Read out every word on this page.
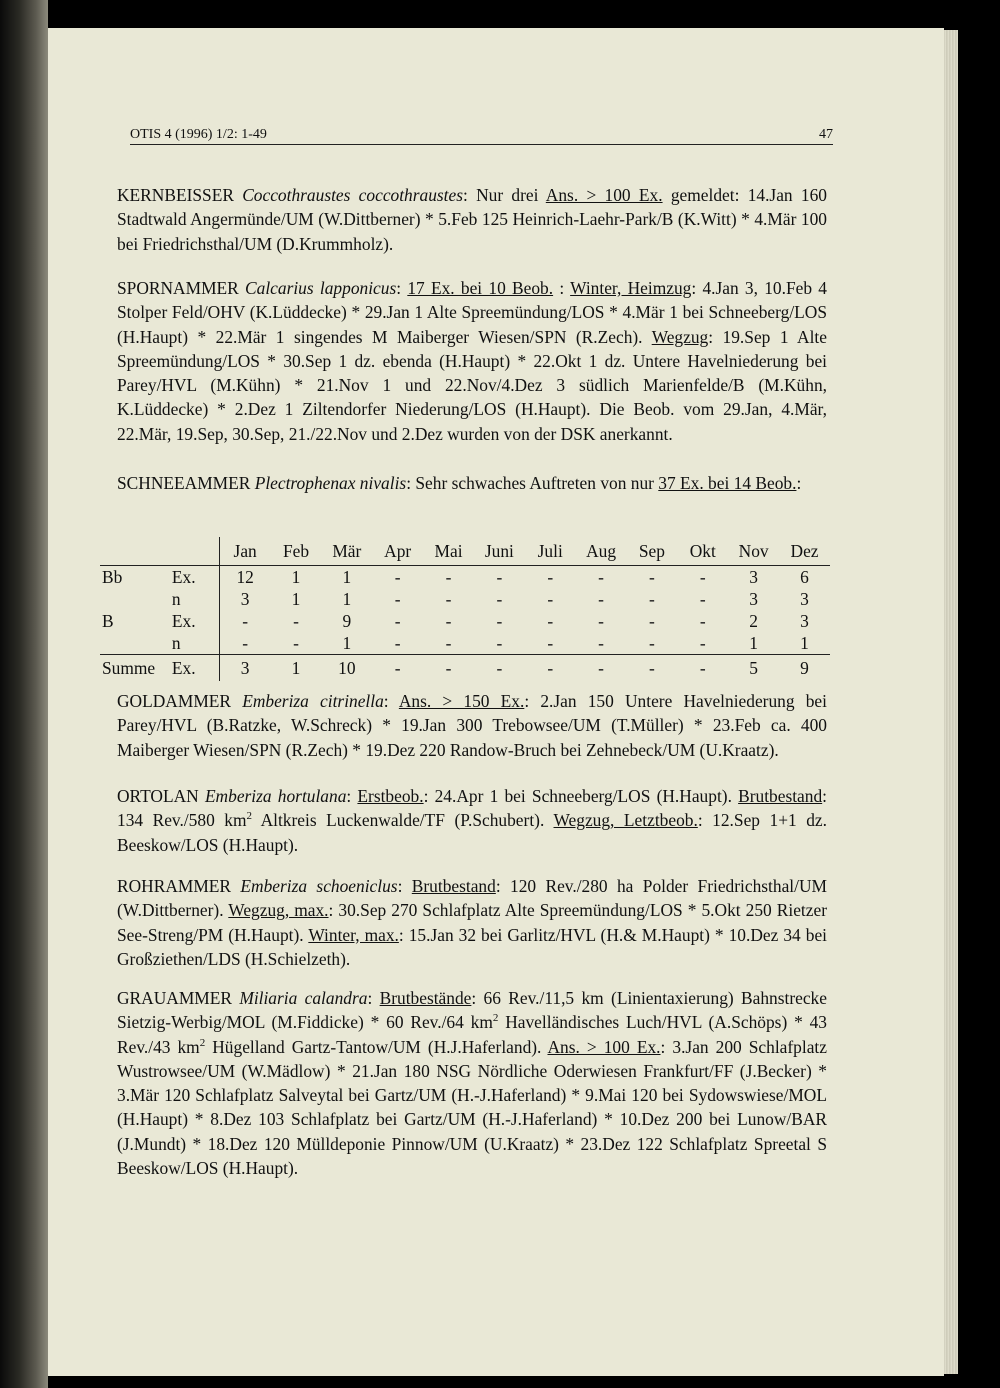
OTIS 4 (1996) 1/2: 1-49	47

KERNBEISSER Coccothraustes coccothraustes: Nur drei Ans. > 100 Ex. gemeldet: 14.Jan 160 Stadtwald Angermünde/UM (W.Dittberner) * 5.Feb 125 Heinrich-Laehr-Park/B (K.Witt) * 4.Mär 100 bei Friedrichsthal/UM (D.Krummholz).

SPORNAMMER Calcarius lapponicus: 17 Ex. bei 10 Beob. : Winter, Heimzug: 4.Jan 3, 10.Feb 4 Stolper Feld/OHV (K.Lüddecke) * 29.Jan 1 Alte Spreemündung/LOS * 4.Mär 1 bei Schneeberg/LOS (H.Haupt) * 22.Mär 1 singendes M Maiberger Wiesen/SPN (R.Zech). Wegzug: 19.Sep 1 Alte Spreemündung/LOS * 30.Sep 1 dz. ebenda (H.Haupt) * 22.Okt 1 dz. Untere Havelniederung bei Parey/HVL (M.Kühn) * 21.Nov 1 und 22.Nov/4.Dez 3 südlich Marienfelde/B (M.Kühn, K.Lüddecke) * 2.Dez 1 Ziltendorfer Niederung/LOS (H.Haupt). Die Beob. vom 29.Jan, 4.Mär, 22.Mär, 19.Sep, 30.Sep, 21./22.Nov und 2.Dez wurden von der DSK anerkannt.

SCHNEEAMMER Plectrophenax nivalis: Sehr schwaches Auftreten von nur 37 Ex. bei 14 Beob.:

		Jan	Feb	Mär	Apr	Mai	Juni	Juli	Aug	Sep	Okt	Nov	Dez
Bb	Ex.	12	1	1	-	-	-	-	-	-	-	3	6
	n	3	1	1	-	-	-	-	-	-	-	3	3
B	Ex.	-	-	9	-	-	-	-	-	-	-	2	3
	n	-	-	1	-	-	-	-	-	-	-	1	1
Summe	Ex.	3	1	10	-	-	-	-	-	-	-	5	9

GOLDAMMER Emberiza citrinella: Ans. > 150 Ex.: 2.Jan 150 Untere Havelniederung bei Parey/HVL (B.Ratzke, W.Schreck) * 19.Jan 300 Trebowsee/UM (T.Müller) * 23.Feb ca. 400 Maiberger Wiesen/SPN (R.Zech) * 19.Dez 220 Randow-Bruch bei Zehnebeck/UM (U.Kraatz).

ORTOLAN Emberiza hortulana: Erstbeob.: 24.Apr 1 bei Schneeberg/LOS (H.Haupt). Brutbestand: 134 Rev./580 $km^2$ Altkreis Luckenwalde/TF (P.Schubert). Wegzug, Letztbeob.: 12.Sep 1+1 dz. Beeskow/LOS (H.Haupt).

ROHRAMMER Emberiza schoeniclus: Brutbestand: 120 Rev./280 ha Polder Friedrichsthal/UM (W.Dittberner). Wegzug, max.: 30.Sep 270 Schlafplatz Alte Spreemündung/LOS * 5.Okt 250 Rietzer See-Streng/PM (H.Haupt). Winter, max.: 15.Jan 32 bei Garlitz/HVL (H.& M.Haupt) * 10.Dez 34 bei Großziethen/LDS (H.Schielzeth).

GRAUAMMER Miliaria calandra: Brutbestände: 66 Rev./11,5 km (Linientaxierung) Bahnstrecke Sietzig-Werbig/MOL (M.Fiddicke) * 60 Rev./64 $km^2$ Havelländisches Luch/HVL (A.Schöps) * 43 Rev./43 $km^2$ Hügelland Gartz-Tantow/UM (H.J.Haferland). Ans. > 100 Ex.: 3.Jan 200 Schlafplatz Wustrowsee/UM (W.Mädlow) * 21.Jan 180 NSG Nördliche Oderwiesen Frankfurt/FF (J.Becker) * 3.Mär 120 Schlafplatz Salveytal bei Gartz/UM (H.-J.Haferland) * 9.Mai 120 bei Sydowswiese/MOL (H.Haupt) * 8.Dez 103 Schlafplatz bei Gartz/UM (H.-J.Haferland) * 10.Dez 200 bei Lunow/BAR (J.Mundt) * 18.Dez 120 Mülldeponie Pinnow/UM (U.Kraatz) * 23.Dez 122 Schlafplatz Spreetal S Beeskow/LOS (H.Haupt).
